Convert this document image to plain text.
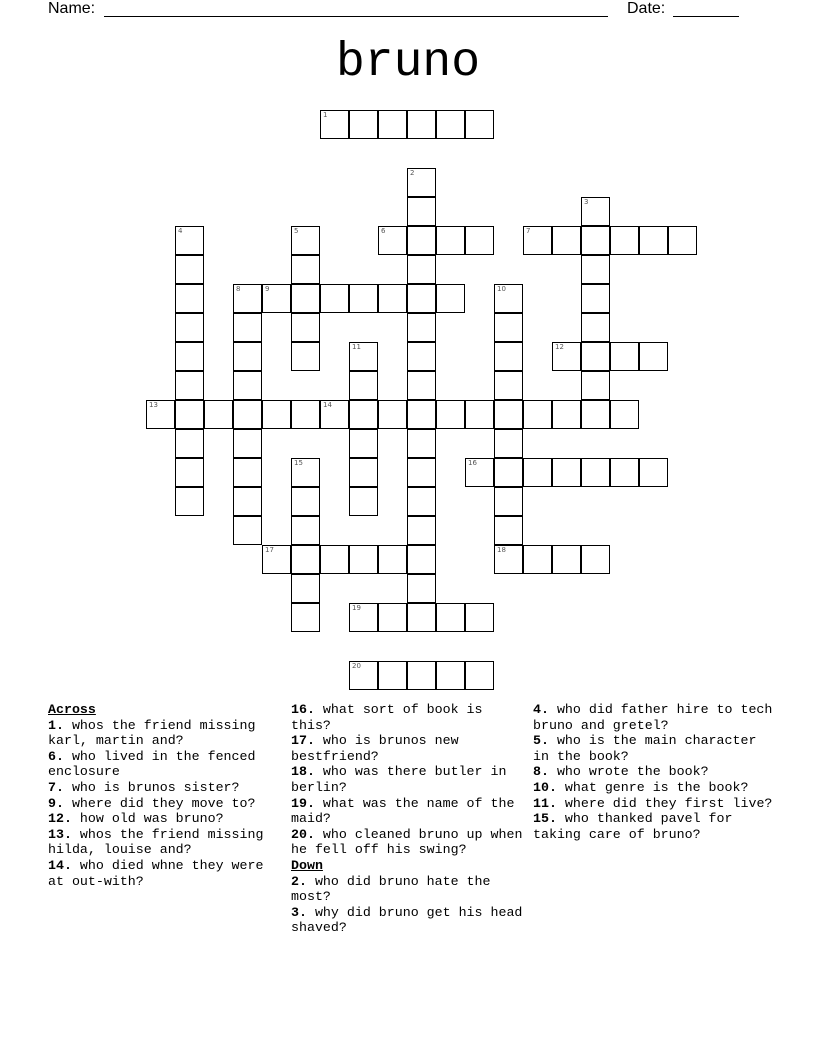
Name:	Date:
bruno
1
2
3
4	5	6	7
8	9	10
18
11	12
13	14
15	16
17
19
20
Across
1. whos the friend missing karl, martin and?
6. who lived in the fenced enclosure
7. who is brunos sister?
9. where did they move to?
12. how old was bruno?
13. whos the friend missing hilda, louise and?
14. who died whne they were at out-with?
16. what sort of book is this?
17. who is brunos new bestfriend?
18. who was there butler in berlin?
19. what was the name of the maid?
20. who cleaned bruno up when he fell off his swing?
Down
2. who did bruno hate the most?
3. why did bruno get his head shaved?
4. who did father hire to tech bruno and gretel?
5. who is the main character in the book?
8. who wrote the book?
10. what genre is the book?
11. where did they first live?
15. who thanked pavel for taking care of bruno?
